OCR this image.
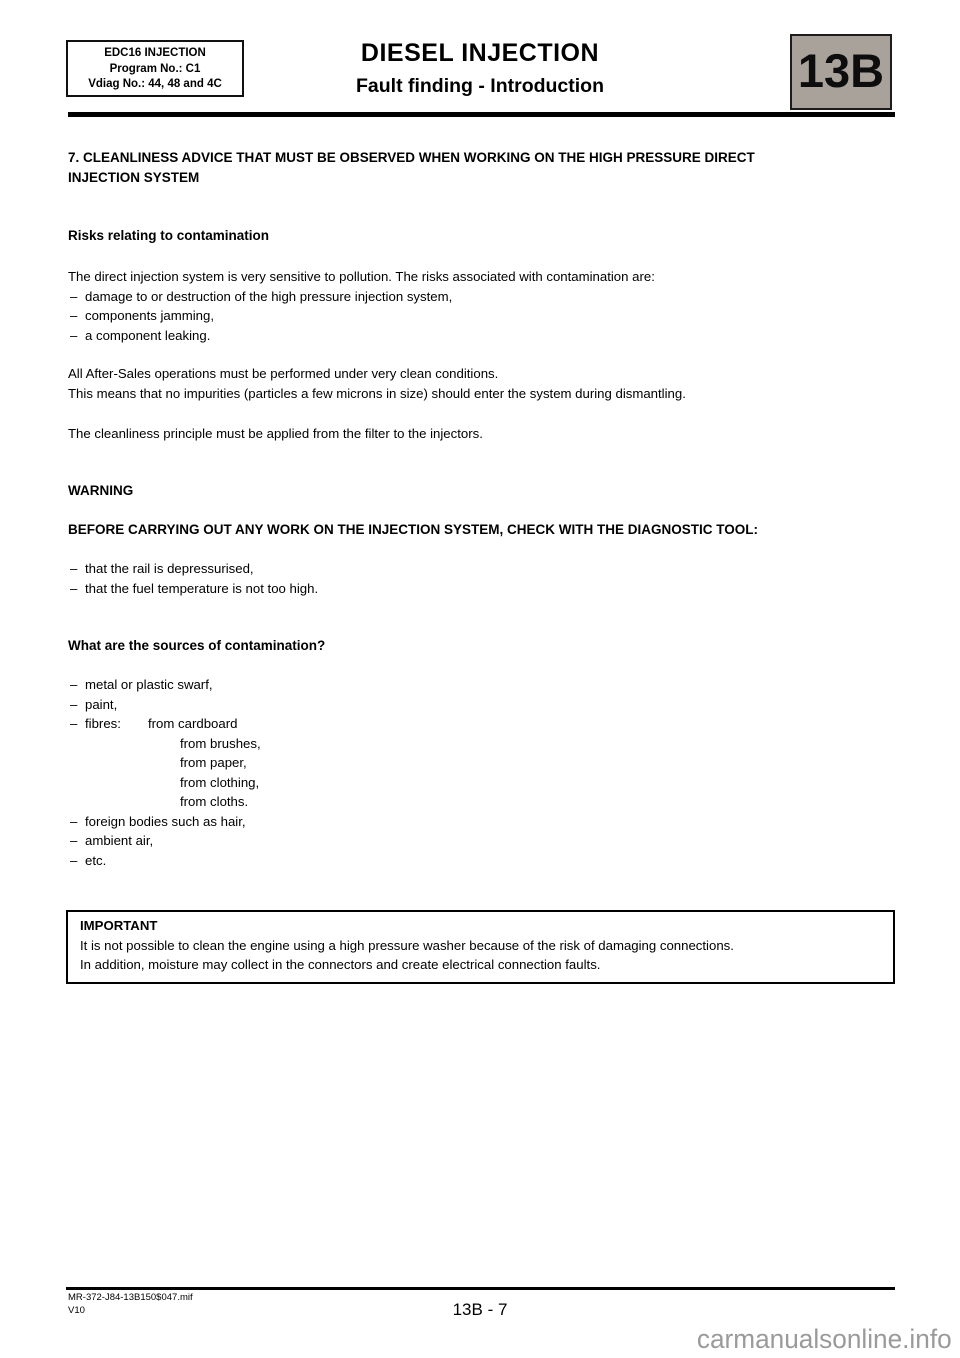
EDC16 INJECTION
Program No.: C1
Vdiag No.: 44, 48 and 4C
DIESEL INJECTION
Fault finding - Introduction	13B
7. CLEANLINESS ADVICE THAT MUST BE OBSERVED WHEN WORKING ON THE HIGH PRESSURE DIRECT
INJECTION SYSTEM
Risks relating to contamination
The direct injection system is very sensitive to pollution. The risks associated with contamination are:
– damage to or destruction of the high pressure injection system,
– components jamming,
– a component leaking.
All After-Sales operations must be performed under very clean conditions.
This means that no impurities (particles a few microns in size) should enter the system during dismantling.
The cleanliness principle must be applied from the filter to the injectors.
WARNING
BEFORE CARRYING OUT ANY WORK ON THE INJECTION SYSTEM, CHECK WITH THE DIAGNOSTIC TOOL:
– that the rail is depressurised,
– that the fuel temperature is not too high.
What are the sources of contamination?
– metal or plastic swarf,
– paint,
– fibres:	from cardboard
from brushes,
from paper,
from clothing,
from cloths.
– foreign bodies such as hair,
– ambient air,
– etc.
IMPORTANT
It is not possible to clean the engine using a high pressure washer because of the risk of damaging connections.
In addition, moisture may collect in the connectors and create electrical connection faults.
MR-372-J84-13B150$047.mif
V10	13B - 7
carmanualsonline.info
